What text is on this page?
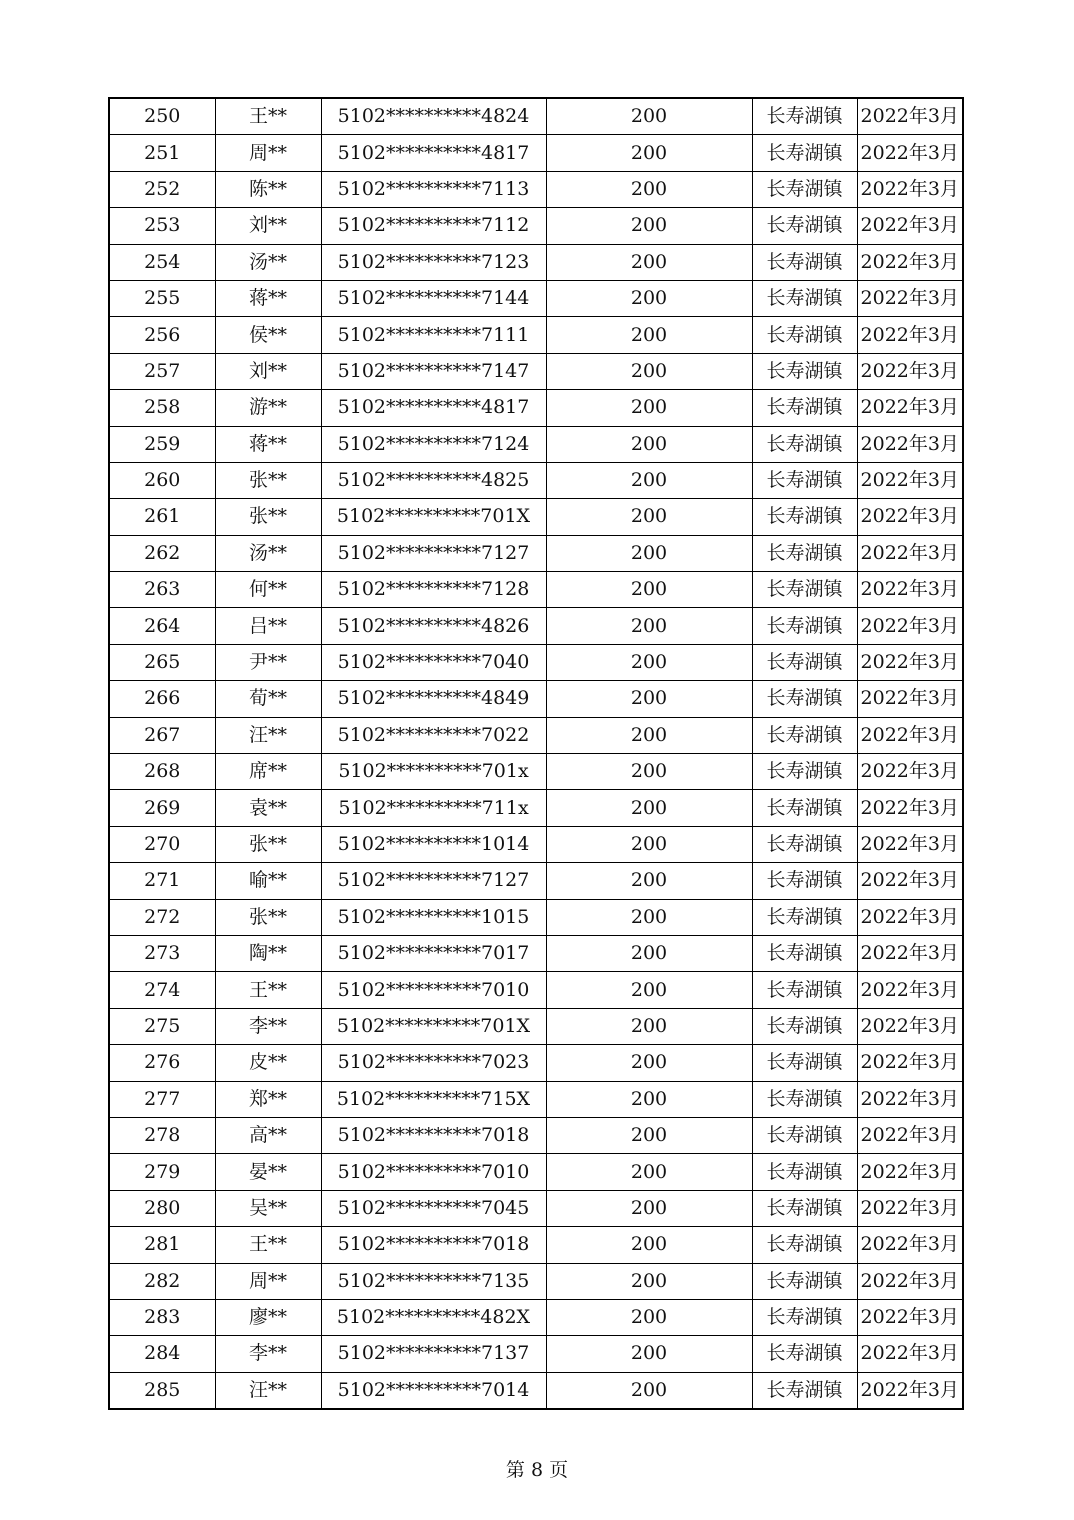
250	王**	5102**********4824	200	长寿湖镇	2022年3月
251	周**	5102**********4817	200	长寿湖镇	2022年3月
252	陈**	5102**********7113	200	长寿湖镇	2022年3月
253	刘**	5102**********7112	200	长寿湖镇	2022年3月
254	汤**	5102**********7123	200	长寿湖镇	2022年3月
255	蒋**	5102**********7144	200	长寿湖镇	2022年3月
256	侯**	5102**********7111	200	长寿湖镇	2022年3月
257	刘**	5102**********7147	200	长寿湖镇	2022年3月
258	游**	5102**********4817	200	长寿湖镇	2022年3月
259	蒋**	5102**********7124	200	长寿湖镇	2022年3月
260	张**	5102**********4825	200	长寿湖镇	2022年3月
261	张**	5102**********701X	200	长寿湖镇	2022年3月
262	汤**	5102**********7127	200	长寿湖镇	2022年3月
263	何**	5102**********7128	200	长寿湖镇	2022年3月
264	吕**	5102**********4826	200	长寿湖镇	2022年3月
265	尹**	5102**********7040	200	长寿湖镇	2022年3月
266	荀**	5102**********4849	200	长寿湖镇	2022年3月
267	汪**	5102**********7022	200	长寿湖镇	2022年3月
268	席**	5102**********701x	200	长寿湖镇	2022年3月
269	袁**	5102**********711x	200	长寿湖镇	2022年3月
270	张**	5102**********1014	200	长寿湖镇	2022年3月
271	喻**	5102**********7127	200	长寿湖镇	2022年3月
272	张**	5102**********1015	200	长寿湖镇	2022年3月
273	陶**	5102**********7017	200	长寿湖镇	2022年3月
274	王**	5102**********7010	200	长寿湖镇	2022年3月
275	李**	5102**********701X	200	长寿湖镇	2022年3月
276	皮**	5102**********7023	200	长寿湖镇	2022年3月
277	郑**	5102**********715X	200	长寿湖镇	2022年3月
278	高**	5102**********7018	200	长寿湖镇	2022年3月
279	晏**	5102**********7010	200	长寿湖镇	2022年3月
280	吴**	5102**********7045	200	长寿湖镇	2022年3月
281	王**	5102**********7018	200	长寿湖镇	2022年3月
282	周**	5102**********7135	200	长寿湖镇	2022年3月
283	廖**	5102**********482X	200	长寿湖镇	2022年3月
284	李**	5102**********7137	200	长寿湖镇	2022年3月
285	汪**	5102**********7014	200	长寿湖镇	2022年3月
第 8 页
